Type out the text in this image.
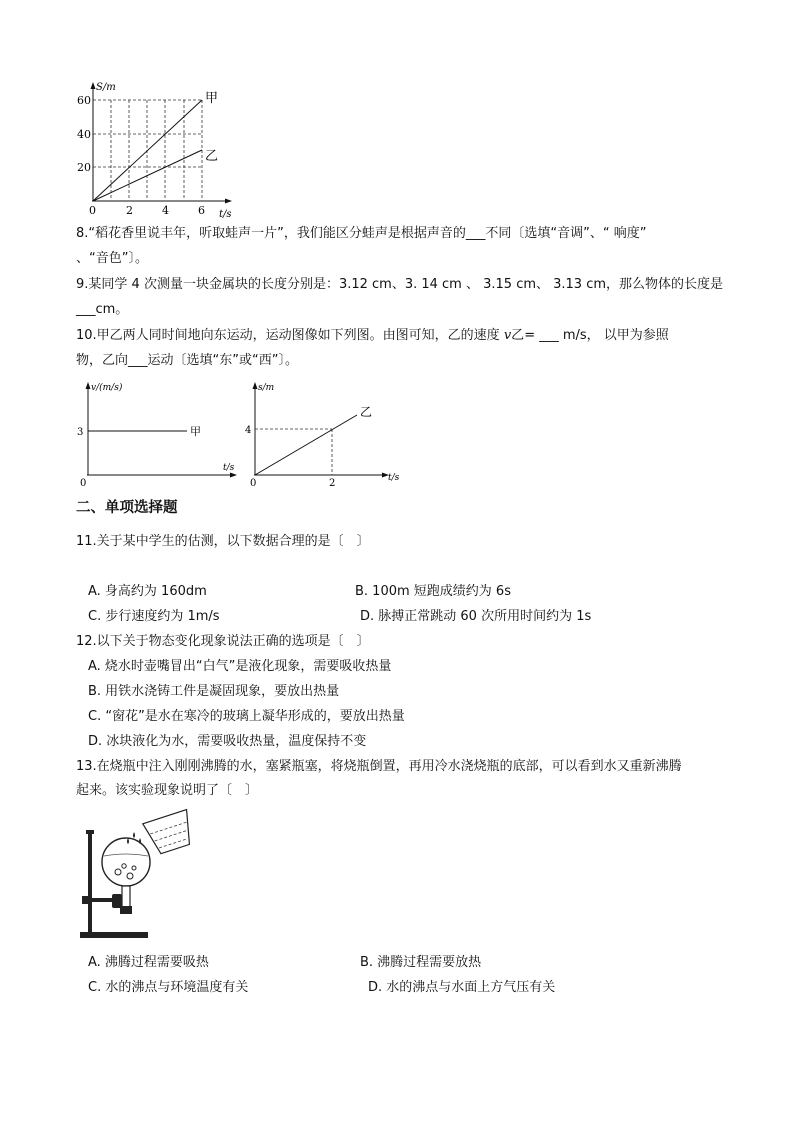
S/m
60
40
20
0	2	4	6 t/s
甲
乙
8.“稻花香里说丰年，听取蛙声一片”，我们能区分蛙声是根据声音的___不同〔选填“音调”、“ 响度”
、“音色”〕。
9.某同学 4 次测量一块金属块的长度分别是：3.12 cm、3. 14 cm 、 3.15 cm、 3.13 cm，那么物体的长度是
___cm。
10.甲乙两人同时间地向东运动，运动图像如下列图。由图可知，乙的速度 v乙= ___ m/s， 以甲为参照
物，乙向___运动〔选填“东”或“西”〕。
v/(m/s)
3
0
t/s
甲
s/m
4
0	2	t/s
乙
二、单项选择题
11.关于某中学生的估测，以下数据合理的是〔　〕
A. 身高约为 160dm	B. 100m 短跑成绩约为 6s
C. 步行速度约为 1m/s	D. 脉搏正常跳动 60 次所用时间约为 1s
12.以下关于物态变化现象说法正确的选项是〔　〕
A. 烧水时壶嘴冒出“白气”是液化现象，需要吸收热量
B. 用铁水浇铸工件是凝固现象，要放出热量
C. “窗花”是水在寒冷的玻璃上凝华形成的，要放出热量
D. 冰块液化为水，需要吸收热量，温度保持不变
13.在烧瓶中注入刚刚沸腾的水，塞紧瓶塞，将烧瓶倒置，再用冷水浇烧瓶的底部，可以看到水又重新沸腾
起来。该实验现象说明了〔　〕
A. 沸腾过程需要吸热	B. 沸腾过程需要放热
C. 水的沸点与环境温度有关	D. 水的沸点与水面上方气压有关
